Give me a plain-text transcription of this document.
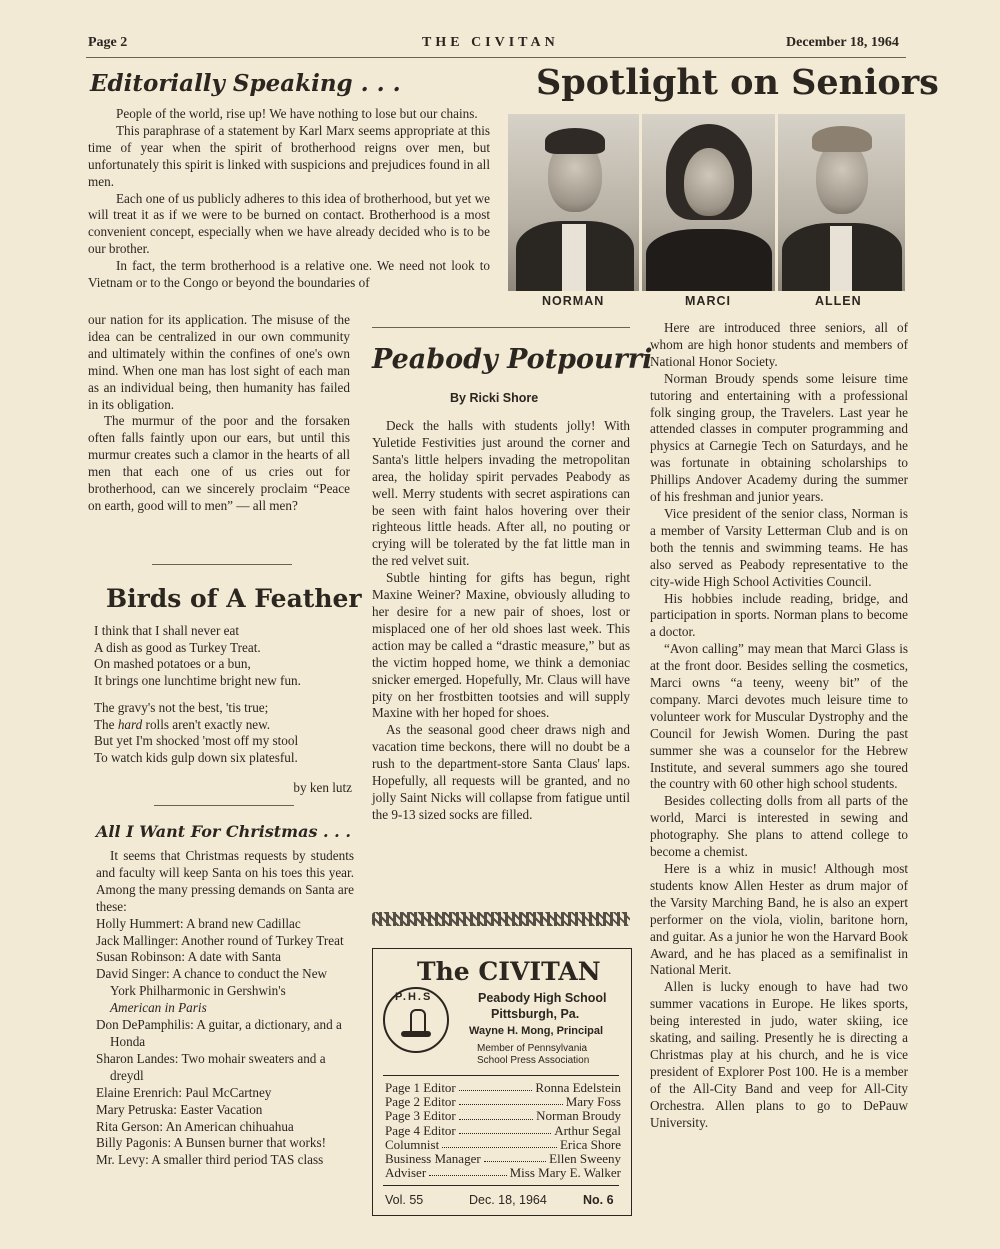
Page 2	THE CIVITAN	December 18, 1964
Editorially Speaking . . .

People of the world, rise up! We have nothing to lose but our chains.

This paraphrase of a statement by Karl Marx seems appropriate at this time of year when the spirit of brotherhood reigns over men, but unfortunately this spirit is linked with suspicions and prejudices found in all men.

Each one of us publicly adheres to this idea of brotherhood, but yet we will treat it as if we were to be burned on contact. Brotherhood is a most convenient concept, especially when we have already decided who is to be our brother.

In fact, the term brotherhood is a relative one. We need not look to Vietnam or to the Congo or beyond the boundaries of

our nation for its application. The misuse of the idea can be centralized in our own community and ultimately within the confines of one's own mind. When one man has lost sight of each man as an individual being, then humanity has failed in its obligation.

The murmur of the poor and the forsaken often falls faintly upon our ears, but until this murmur creates such a clamor in the hearts of all men that each one of us cries out for brotherhood, can we sincerely proclaim “Peace on earth, good will to men” — all men?

Birds of A Feather
I think that I shall never eat
A dish as good as Turkey Treat.
On mashed potatoes or a bun,
It brings one lunchtime bright new fun.
The gravy's not the best, 'tis true;
The hard rolls aren't exactly new.
But yet I'm shocked 'most off my stool
To watch kids gulp down six platesful.
by ken lutz
All I Want For Christmas . . .

It seems that Christmas requests by students and faculty will keep Santa on his toes this year. Among the many pressing demands on Santa are these:

Holly Hummert: A brand new Cadillac
Jack Mallinger: Another round of Turkey Treat
Susan Robinson: A date with Santa
David Singer: A chance to conduct the New York Philharmonic in Gershwin's
American in Paris
Don DePamphilis: A guitar, a dictionary, and a Honda
Sharon Landes: Two mohair sweaters and a dreydl
Elaine Erenrich: Paul McCartney
Mary Petruska: Easter Vacation
Rita Gerson: An American chihuahua
Billy Pagonis: A Bunsen burner that works!
Mr. Levy: A smaller third period TAS class
Spotlight on Seniors
NORMAN	MARCI	ALLEN

Here are introduced three seniors, all of whom are high honor students and members of National Honor Society.

Norman Broudy spends some leisure time tutoring and entertaining with a professional folk singing group, the Travelers. Last year he attended classes in computer programming and physics at Carnegie Tech on Saturdays, and he was fortunate in obtaining scholarships to Phillips Andover Academy during the summer of his freshman and junior years.

Vice president of the senior class, Norman is a member of Varsity Letterman Club and is on both the tennis and swimming teams. He has also served as Peabody representative to the city-wide High School Activities Council.

His hobbies include reading, bridge, and participation in sports. Norman plans to become a doctor.

“Avon calling” may mean that Marci Glass is at the front door. Besides selling the cosmetics, Marci owns “a teeny, weeny bit” of the company. Marci devotes much leisure time to volunteer work for Muscular Dystrophy and the Council for Jewish Women. During the past summer she was a counselor for the Hebrew Institute, and several summers ago she toured the country with 60 other high school students.

Besides collecting dolls from all parts of the world, Marci is interested in sewing and photography. She plans to attend college to become a chemist.

Here is a whiz in music! Although most students know Allen Hester as drum major of the Varsity Marching Band, he is also an expert performer on the viola, violin, baritone horn, and guitar. As a junior he won the Harvard Book Award, and he has placed as a semifinalist in National Merit.

Allen is lucky enough to have had two summer vacations in Europe. He likes sports, being interested in judo, water skiing, ice skating, and sailing. Presently he is directing a Christmas play at his church, and he is vice president of Explorer Post 100. He is a member of the All-City Band and veep for All-City Orchestra. Allen plans to go to DePauw University.

Peabody Potpourri
By Ricki Shore

Deck the halls with students jolly! With Yuletide Festivities just around the corner and Santa's little helpers invading the metropolitan area, the holiday spirit pervades Peabody as well. Merry students with secret aspirations can be seen with faint halos hovering over their righteous little heads. After all, no pouting or crying will be tolerated by the fat little man in the red velvet suit.

Subtle hinting for gifts has begun, right Maxine Weiner? Maxine, obviously alluding to her desire for a new pair of shoes, lost or misplaced one of her old shoes last week. This action may be called a “drastic measure,” but as the victim hopped home, we think a demoniac snicker emerged. Hopefully, Mr. Claus will have pity on her frostbitten tootsies and will supply Maxine with her hoped for shoes.

As the seasonal good cheer draws nigh and vacation time beckons, there will no doubt be a rush to the department-store Santa Claus' laps. Hopefully, all requests will be granted, and no jolly Saint Nicks will collapse from fatigue until the 9-13 sized socks are filled.

The CIVITAN
P.H.S	Peabody High School
Pittsburgh, Pa.
Wayne H. Mong, Principal
Member of Pennsylvania
School Press Association
Page 1 Editor	Ronna Edelstein
Page 2 Editor	Mary Foss
Page 3 Editor	Norman Broudy
Page 4 Editor	Arthur Segal
Columnist	Erica Shore
Business Manager	Ellen Sweeny
Adviser	Miss Mary E. Walker
Vol. 55	Dec. 18, 1964	No. 6
